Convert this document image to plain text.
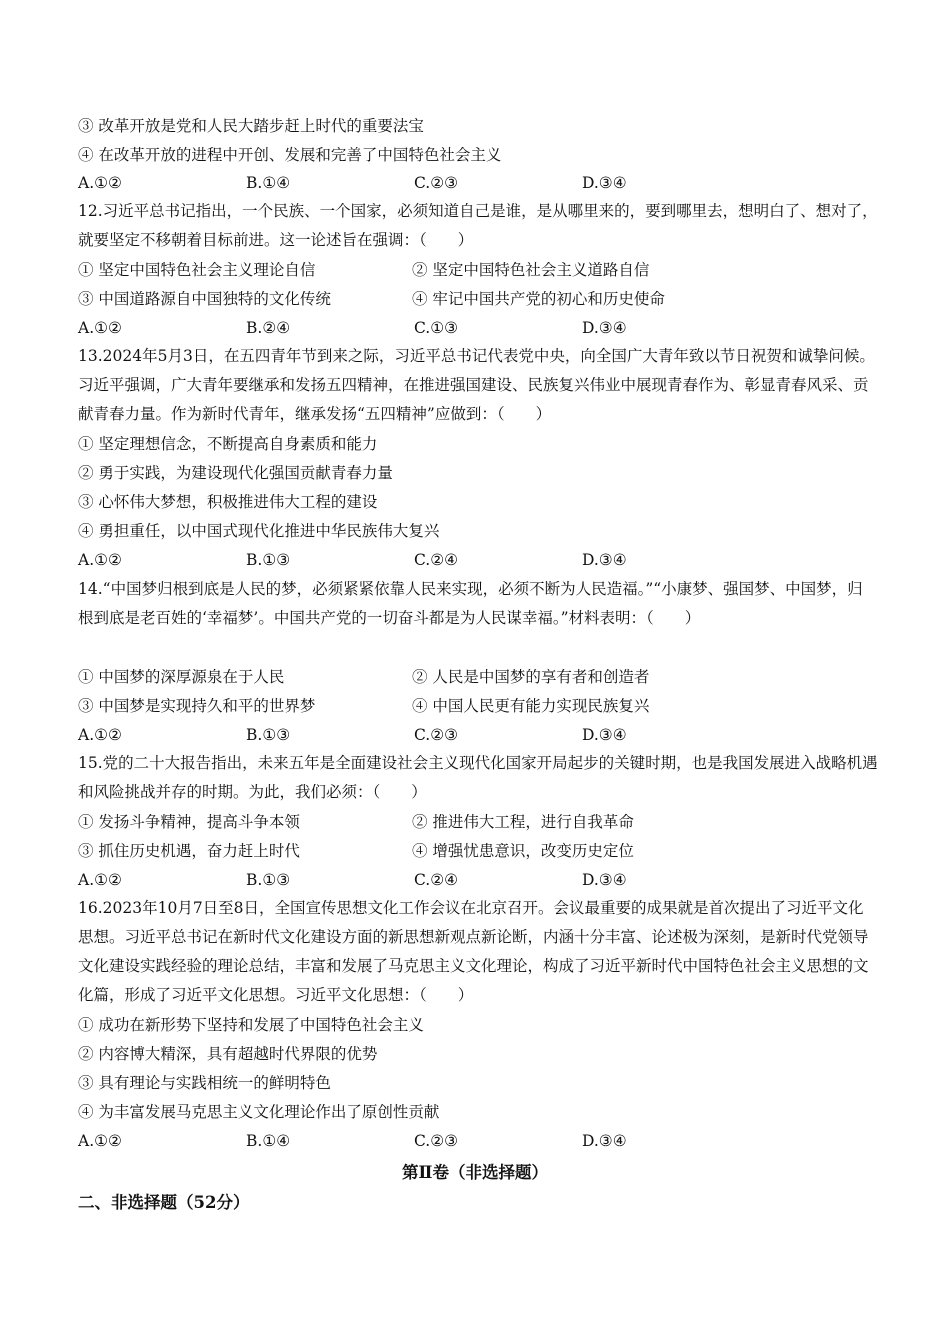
③ 改革开放是党和人民大踏步赶上时代的重要法宝
④ 在改革开放的进程中开创、发展和完善了中国特色社会主义
A.①②	B.①④	C.②③	D.③④
12.习近平总书记指出，一个民族、一个国家，必须知道自己是谁，是从哪里来的，要到哪里去，想明白了、想对了，就要坚定不移朝着目标前进。这一论述旨在强调：（　　）
① 坚定中国特色社会主义理论自信	② 坚定中国特色社会主义道路自信
③ 中国道路源自中国独特的文化传统	④ 牢记中国共产党的初心和历史使命
A.①②	B.②④	C.①③	D.③④
13.2024年5月3日，在五四青年节到来之际，习近平总书记代表党中央，向全国广大青年致以节日祝贺和诚挚问候。习近平强调，广大青年要继承和发扬五四精神，在推进强国建设、民族复兴伟业中展现青春作为、彰显青春风采、贡献青春力量。作为新时代青年，继承发扬“五四精神”应做到：（　　）
① 坚定理想信念，不断提高自身素质和能力
② 勇于实践，为建设现代化强国贡献青春力量
③ 心怀伟大梦想，积极推进伟大工程的建设
④ 勇担重任，以中国式现代化推进中华民族伟大复兴
A.①②	B.①③	C.②④	D.③④
14.“中国梦归根到底是人民的梦，必须紧紧依靠人民来实现，必须不断为人民造福。”“小康梦、强国梦、中国梦，归根到底是老百姓的‘幸福梦’。中国共产党的一切奋斗都是为人民谋幸福。”材料表明：（　　）
① 中国梦的深厚源泉在于人民	② 人民是中国梦的享有者和创造者
③ 中国梦是实现持久和平的世界梦	④ 中国人民更有能力实现民族复兴
A.①②	B.①③	C.②③	D.③④
15.党的二十大报告指出，未来五年是全面建设社会主义现代化国家开局起步的关键时期，也是我国发展进入战略机遇和风险挑战并存的时期。为此，我们必须：（　　）
① 发扬斗争精神，提高斗争本领	② 推进伟大工程，进行自我革命
③ 抓住历史机遇，奋力赶上时代	④ 增强忧患意识，改变历史定位
A.①②	B.①③	C.②④	D.③④
16.2023年10月7日至8日，全国宣传思想文化工作会议在北京召开。会议最重要的成果就是首次提出了习近平文化思想。习近平总书记在新时代文化建设方面的新思想新观点新论断，内涵十分丰富、论述极为深刻，是新时代党领导文化建设实践经验的理论总结，丰富和发展了马克思主义文化理论，构成了习近平新时代中国特色社会主义思想的文化篇，形成了习近平文化思想。习近平文化思想：（　　）
① 成功在新形势下坚持和发展了中国特色社会主义
② 内容博大精深，具有超越时代界限的优势
③ 具有理论与实践相统一的鲜明特色
④ 为丰富发展马克思主义文化理论作出了原创性贡献
A.①②	B.①④	C.②③	D.③④
第Ⅱ卷（非选择题）
二、非选择题（52分）
